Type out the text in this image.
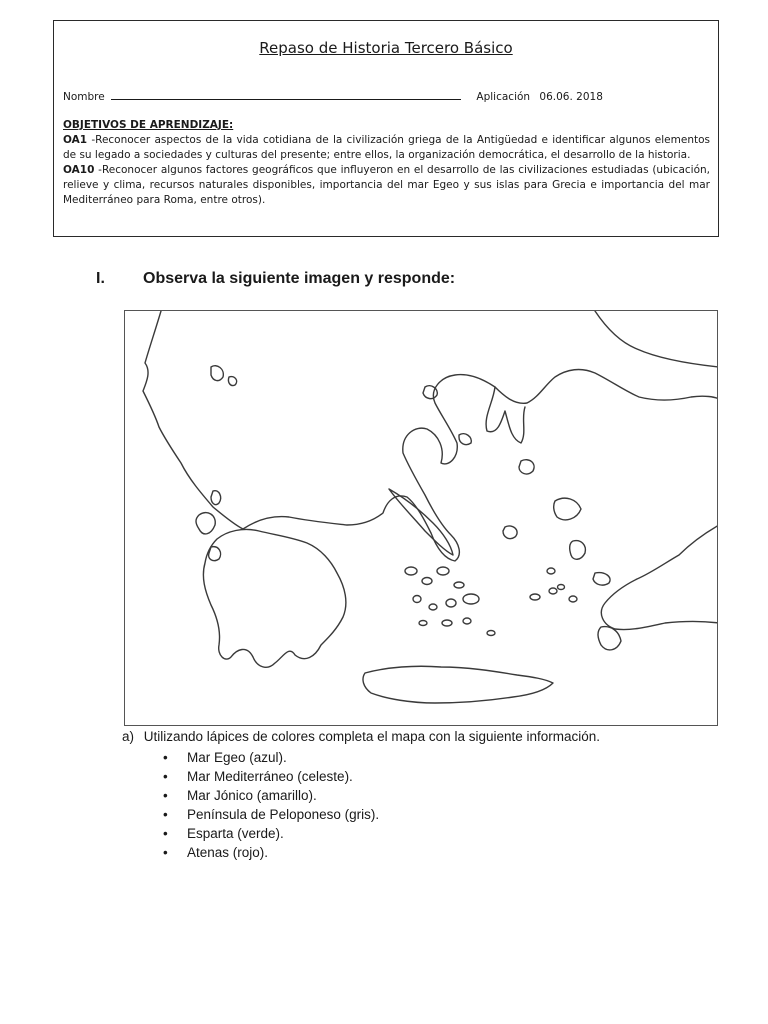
Repaso de Historia Tercero Básico
Nombre	Aplicación 06.06. 2018
OBJETIVOS DE APRENDIZAJE:
OA1 -Reconocer aspectos de la vida cotidiana de la civilización griega de la Antigüedad e identificar algunos elementos de su legado a sociedades y culturas del presente; entre ellos, la organización democrática, el desarrollo de la historia.
OA10 -Reconocer algunos factores geográficos que influyeron en el desarrollo de las civilizaciones estudiadas (ubicación, relieve y clima, recursos naturales disponibles, importancia del mar Egeo y sus islas para Grecia e importancia del mar Mediterráneo para Roma, entre otros).
I. Observa la siguiente imagen y responde:
a) Utilizando lápices de colores completa el mapa con la siguiente información.
• Mar Egeo (azul).
• Mar Mediterráneo (celeste).
• Mar Jónico (amarillo).
• Península de Peloponeso (gris).
• Esparta (verde).
• Atenas (rojo).
